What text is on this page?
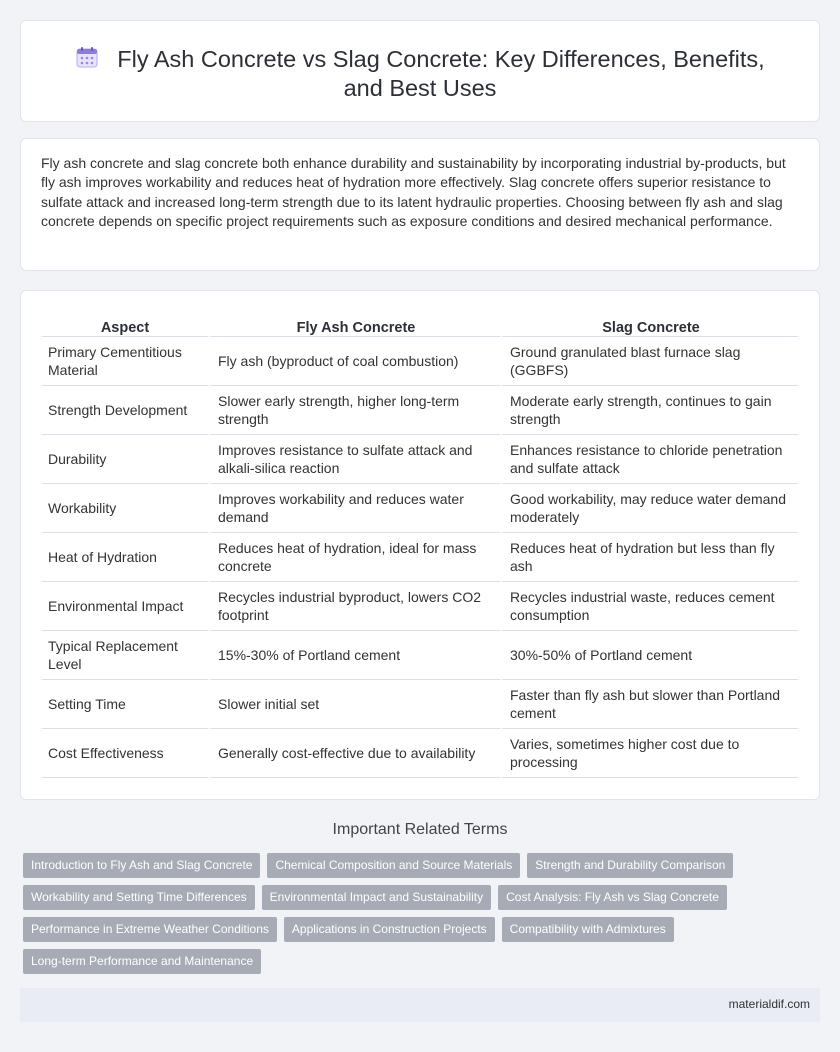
Fly Ash Concrete vs Slag Concrete: Key Differences, Benefits, and Best Uses

Fly ash concrete and slag concrete both enhance durability and sustainability by incorporating industrial by-products, but fly ash improves workability and reduces heat of hydration more effectively. Slag concrete offers superior resistance to sulfate attack and increased long-term strength due to its latent hydraulic properties. Choosing between fly ash and slag concrete depends on specific project requirements such as exposure conditions and desired mechanical performance.

Aspect	Fly Ash Concrete	Slag Concrete
Primary Cementitious Material	Fly ash (byproduct of coal combustion)	Ground granulated blast furnace slag (GGBFS)
Strength Development	Slower early strength, higher long-term strength	Moderate early strength, continues to gain strength
Durability	Improves resistance to sulfate attack and alkali-silica reaction	Enhances resistance to chloride penetration and sulfate attack
Workability	Improves workability and reduces water demand	Good workability, may reduce water demand moderately
Heat of Hydration	Reduces heat of hydration, ideal for mass concrete	Reduces heat of hydration but less than fly ash
Environmental Impact	Recycles industrial byproduct, lowers CO2 footprint	Recycles industrial waste, reduces cement consumption
Typical Replacement Level	15%-30% of Portland cement	30%-50% of Portland cement
Setting Time	Slower initial set	Faster than fly ash but slower than Portland cement
Cost Effectiveness	Generally cost-effective due to availability	Varies, sometimes higher cost due to processing
Important Related Terms
Introduction to Fly Ash and Slag Concrete	Chemical Composition and Source Materials	Strength and Durability Comparison
Workability and Setting Time Differences	Environmental Impact and Sustainability	Cost Analysis: Fly Ash vs Slag Concrete
Performance in Extreme Weather Conditions	Applications in Construction Projects	Compatibility with Admixtures
Long-term Performance and Maintenance
materialdif.com
